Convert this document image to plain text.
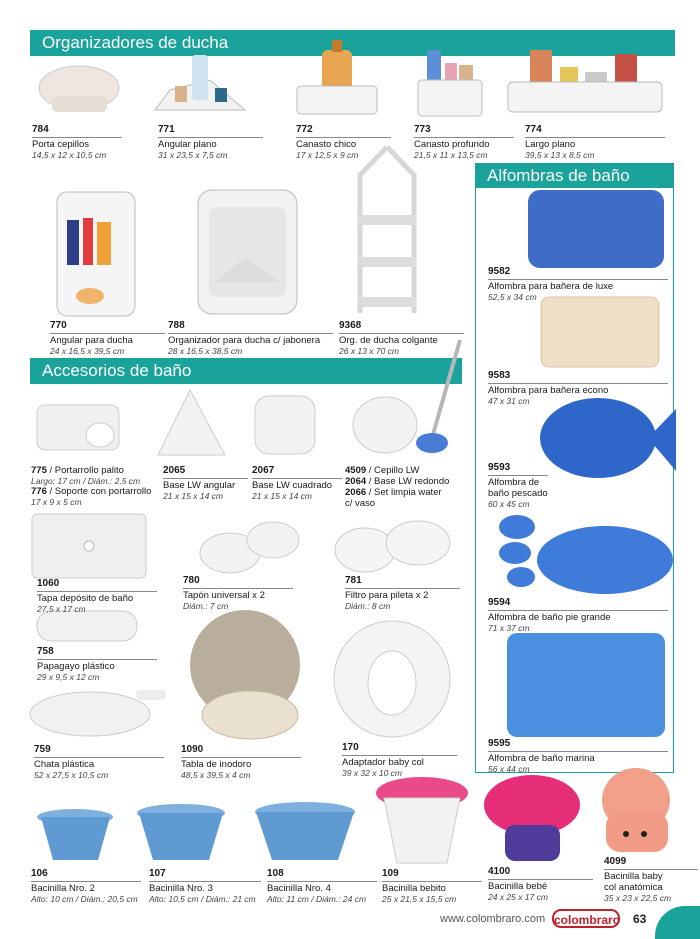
Organizadores de ducha
Alfombras de baño
Accesorios de baño
784
Porta cepillos
14,5 x 12 x 10,5 cm
771
Angular plano
31 x 23,5 x 7,5 cm
772
Canasto chico
17 x 12,5 x 9 cm
773
Canasto profundo
21,5 x 11 x 13,5 cm
774
Largo plano
39,5 x 13 x 8,5 cm
770
Angular para ducha
24 x 16,5 x 39,5 cm
788
Organizador para ducha c/ jabonera
28 x 16,5 x 38,5 cm
9368
Org. de ducha colgante
26 x 13 x 70 cm
9582
Alfombra para bañera de luxe
52,5 x 34 cm
9583
Alfombra para bañera econo
47 x 31 cm
9593
Alfombra de
baño pescado
60 x 45 cm
9594
Alfombra de baño pie grande
71 x 37 cm
9595
Alfombra de baño marina
56 x 44 cm
775 / Portarrollo palito
Largo: 17 cm / Diám.: 2,5 cm
776 / Soporte con portarrollo
17 x 9 x 5 cm
2065
Base LW angular
21 x 15 x 14 cm
2067
Base LW cuadrado
21 x 15 x 14 cm
4509 / Cepillo LW
2064 / Base LW redondo
2066 / Set limpia water
c/ vaso
1060
Tapa depósito de baño
27,5 x 17 cm
780
Tapón universal x 2
Diám.: 7 cm
781
Filtro para pileta x 2
Diám.: 8 cm
758
Papagayo plástico
29 x 9,5 x 12 cm
759
Chata plástica
52 x 27,5 x 10,5 cm
1090
Tabla de inodoro
48,5 x 39,5 x 4 cm
170
Adaptador baby col
39 x 32 x 10 cm
106
Bacinilla Nro. 2
Alto: 10 cm / Diám.: 20,5 cm
107
Bacinilla Nro. 3
Alto: 10,5 cm / Diám.: 21 cm
108
Bacinilla Nro. 4
Alto: 11 cm / Diám.: 24 cm
109
Bacinilla bebito
25 x 21,5 x 15,5 cm
4100
Bacinilla bebé
24 x 25 x 17 cm
4099
Bacinilla baby
col anatómica
35 x 23 x 22,5 cm
www.colombraro.com colombraro 63
